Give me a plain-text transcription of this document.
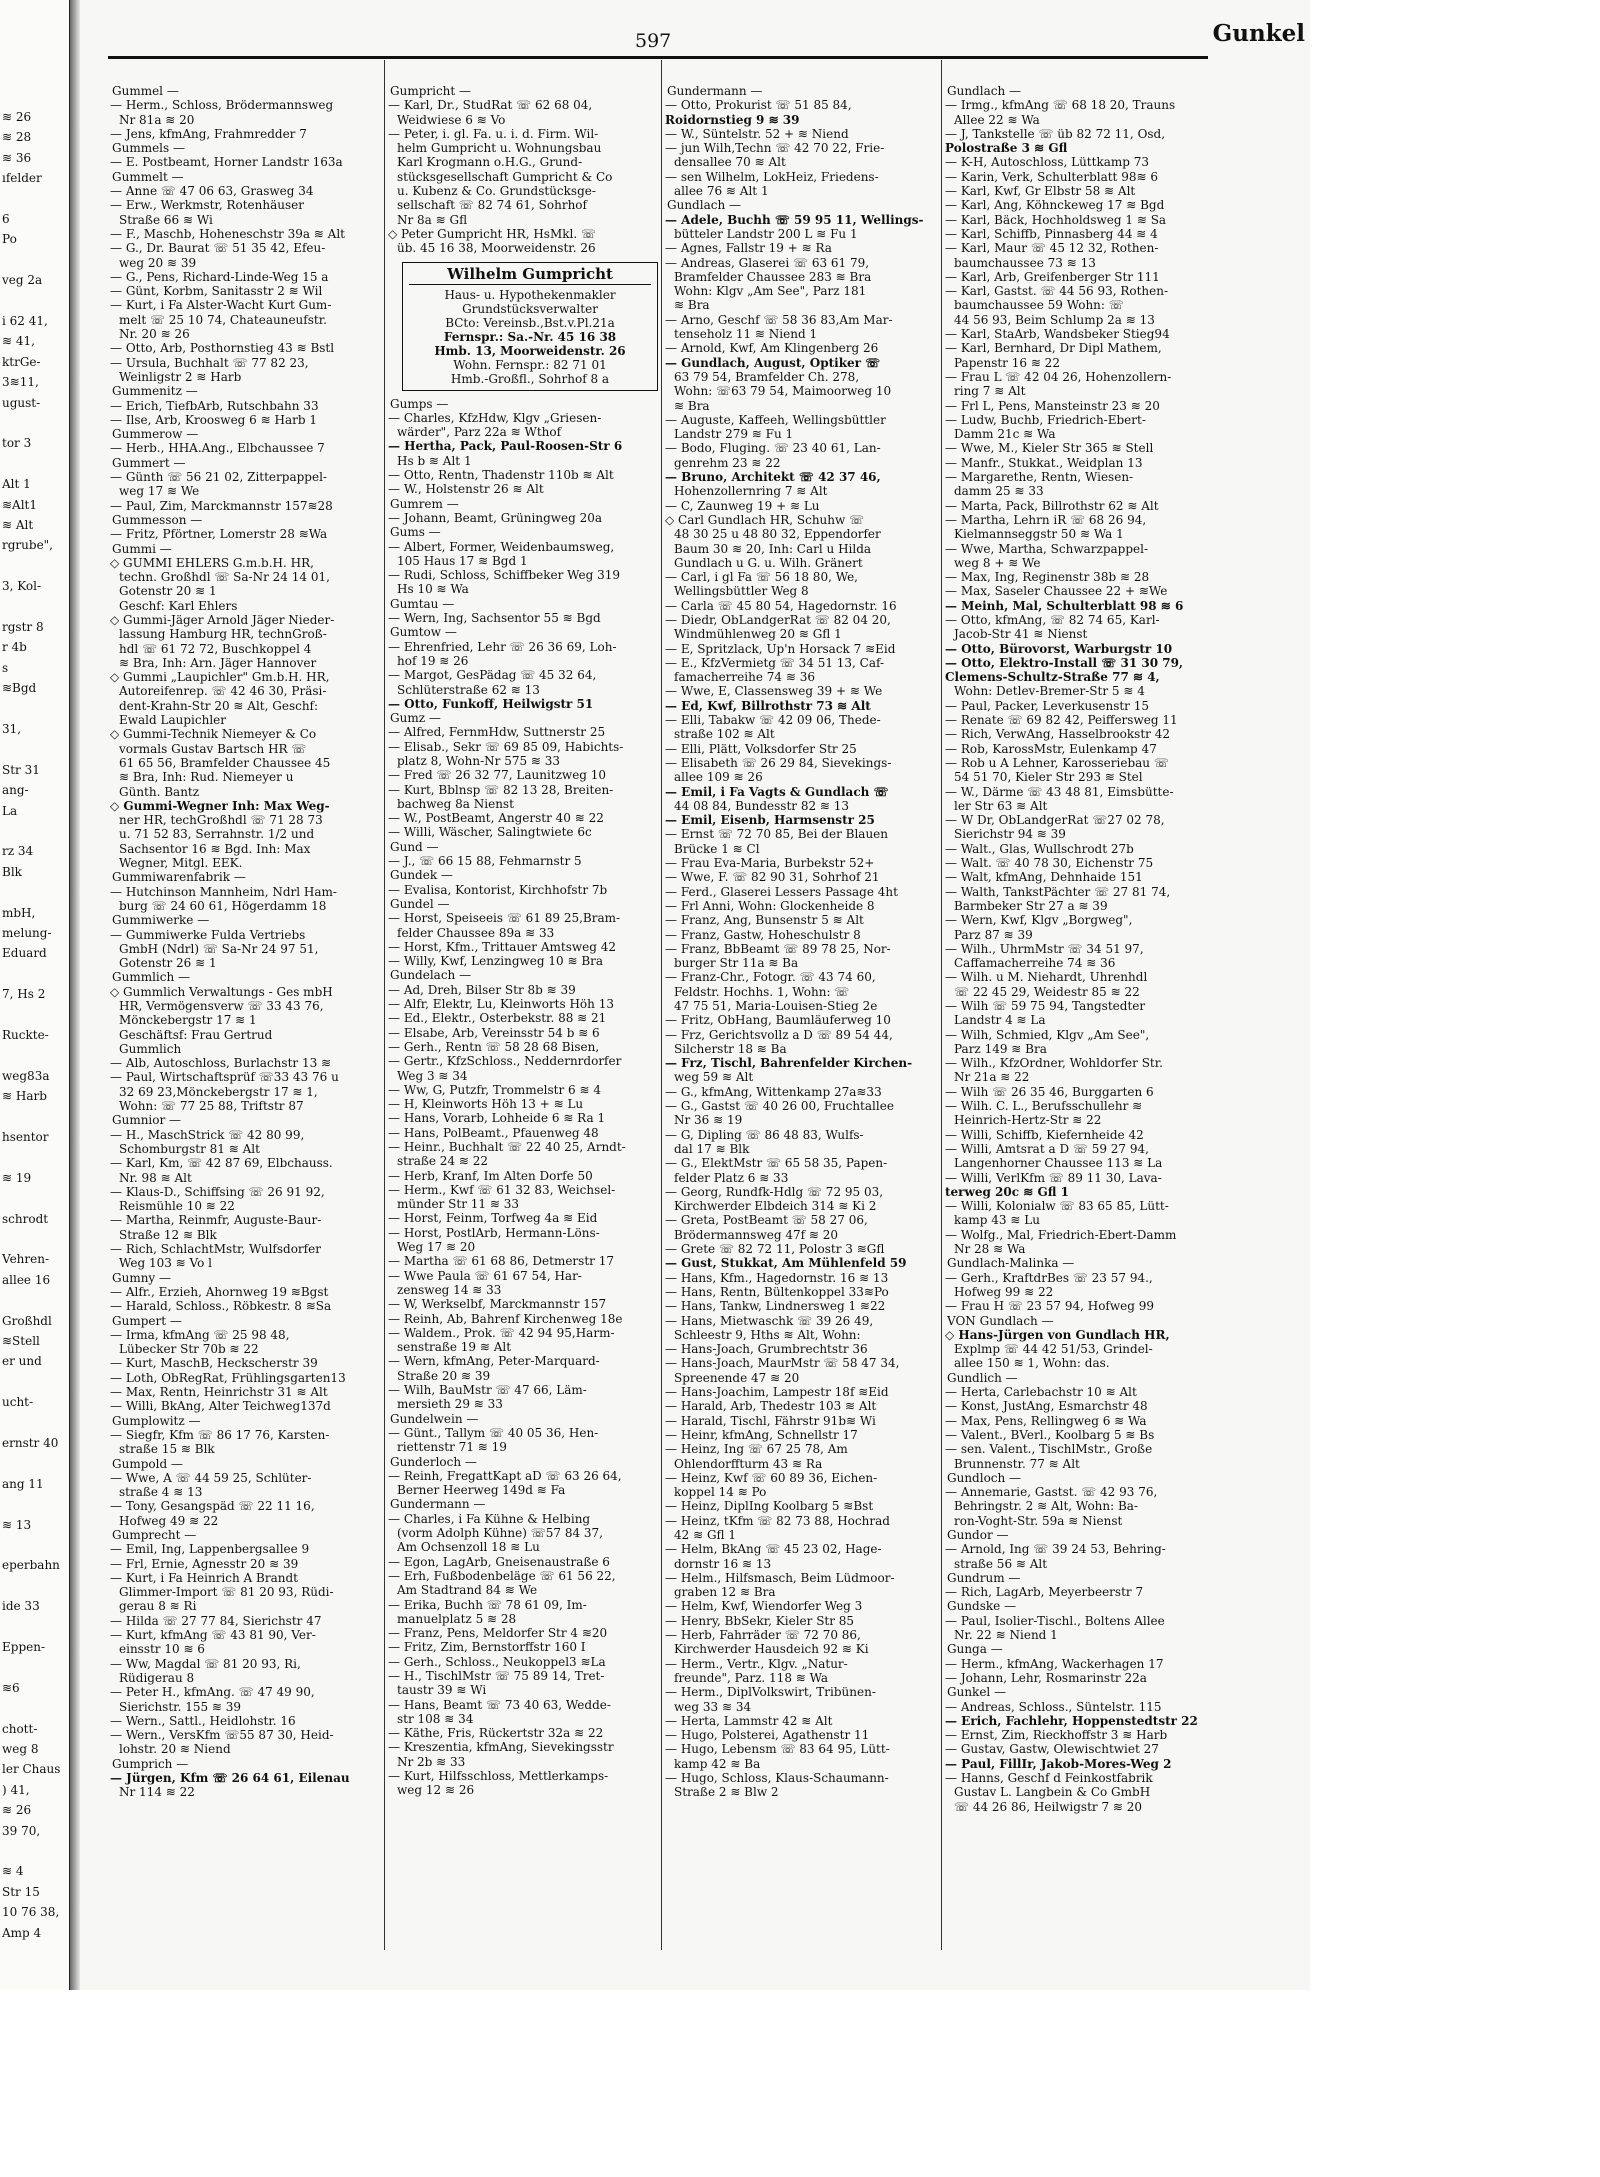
≋ 26
≋ 28
≋ 36
ıfelder
6
Po
veg 2a
i 62 41,
≋ 41,
ktrGe-
3≋11,
ugust-
tor 3
Alt 1
≋Alt1
≋ Alt
rgrube",
3, Kol-
rgstr 8
r 4b
s
≋Bgd
31,
Str 31
ang-
La
rz 34
Blk
mbH,
melung-
Eduard
7, Hs 2
Ruckte-
weg83a
≋ Harb
hsentor
≋ 19
schrodt
Vehren-
allee 16
Großhdl
≋Stell
er und
ucht-
ernstr 40
ang 11
≋ 13
eperbahn
ide 33
Eppen-
≋6
chott-
weg 8
ler Chaus
) 41,
≋ 26
39 70,
≋ 4
Str 15
10 76 38,
Amp 4
597	Gunkel
Gummel —
— Herm., Schloss, Brödermannsweg
Nr 81a ≋ 20
— Jens, kfmAng, Frahmredder 7
Gummels —
— E. Postbeamt, Horner Landstr 163a
Gummelt —
— Anne ☏ 47 06 63, Grasweg 34
— Erw., Werkmstr, Rotenhäuser
Straße 66 ≋ Wi
— F., Maschb, Hoheneschstr 39a ≋ Alt
— G., Dr. Baurat ☏ 51 35 42, Efeu-
weg 20 ≋ 39
— G., Pens, Richard-Linde-Weg 15 a
— Günt, Korbm, Sanitasstr 2 ≋ Wil
— Kurt, i Fa Alster-Wacht Kurt Gum-
melt ☏ 25 10 74, Chateauneufstr.
Nr. 20 ≋ 26
— Otto, Arb, Posthornstieg 43 ≋ Bstl
— Ursula, Buchhalt ☏ 77 82 23,
Weinligstr 2 ≋ Harb
Gummenitz —
— Erich, TiefbArb, Rutschbahn 33
— Ilse, Arb, Kroosweg 6 ≋ Harb 1
Gummerow —
— Herb., HHA.Ang., Elbchaussee 7
Gummert —
— Günth ☏ 56 21 02, Zitterpappel-
weg 17 ≋ We
— Paul, Zim, Marckmannstr 157≋28
Gummesson —
— Fritz, Pförtner, Lomerstr 28 ≋Wa
Gummi —
◇ GUMMI EHLERS G.m.b.H. HR,
techn. Großhdl ☏ Sa-Nr 24 14 01,
Gotenstr 20 ≋ 1
Geschf: Karl Ehlers
◇ Gummi-Jäger Arnold Jäger Nieder-
lassung Hamburg HR, technGroß-
hdl ☏ 61 72 72, Buschkoppel 4
≋ Bra, Inh: Arn. Jäger Hannover
◇ Gummi „Laupichler" Gm.b.H. HR,
Autoreifenrep. ☏ 42 46 30, Präsi-
dent-Krahn-Str 20 ≋ Alt, Geschf:
Ewald Laupichler
◇ Gummi-Technik Niemeyer & Co
vormals Gustav Bartsch HR ☏
61 65 56, Bramfelder Chaussee 45
≋ Bra, Inh: Rud. Niemeyer u
Günth. Bantz
◇ Gummi-Wegner Inh: Max Weg-
ner HR, techGroßhdl ☏ 71 28 73
u. 71 52 83, Serrahnstr. 1/2 und
Sachsentor 16 ≋ Bgd. Inh: Max
Wegner, Mitgl. EEK.
Gummiwarenfabrik —
— Hutchinson Mannheim, Ndrl Ham-
burg ☏ 24 60 61, Högerdamm 18
Gummiwerke —
— Gummiwerke Fulda Vertriebs
GmbH (Ndrl) ☏ Sa-Nr 24 97 51,
Gotenstr 26 ≋ 1
Gummlich —
◇ Gummlich Verwaltungs - Ges mbH
HR, Vermögensverw ☏ 33 43 76,
Mönckebergstr 17 ≋ 1
Geschäftsf: Frau Gertrud
Gummlich
— Alb, Autoschloss, Burlachstr 13 ≋
— Paul, Wirtschaftsprüf ☏33 43 76 u
32 69 23,Mönckebergstr 17 ≋ 1,
Wohn: ☏ 77 25 88, Triftstr 87
Gumnior —
— H., MaschStrick ☏ 42 80 99,
Schomburgstr 81 ≋ Alt
— Karl, Km, ☏ 42 87 69, Elbchauss.
Nr. 98 ≋ Alt
— Klaus-D., Schiffsing ☏ 26 91 92,
Reismühle 10 ≋ 22
— Martha, Reinmfr, Auguste-Baur-
Straße 12 ≋ Blk
— Rich, SchlachtMstr, Wulfsdorfer
Weg 103 ≋ Vo l
Gumny —
— Alfr., Erzieh, Ahornweg 19 ≋Bgst
— Harald, Schloss., Röbkestr. 8 ≋Sa
Gumpert —
— Irma, kfmAng ☏ 25 98 48,
Lübecker Str 70b ≋ 22
— Kurt, MaschB, Heckscherstr 39
— Loth, ObRegRat, Frühlingsgarten13
— Max, Rentn, Heinrichstr 31 ≋ Alt
— Willi, BkAng, Alter Teichweg137d
Gumplowitz —
— Siegfr, Kfm ☏ 86 17 76, Karsten-
straße 15 ≋ Blk
Gumpold —
— Wwe, A ☏ 44 59 25, Schlüter-
straße 4 ≋ 13
— Tony, Gesangspäd ☏ 22 11 16,
Hofweg 49 ≋ 22
Gumprecht —
— Emil, Ing, Lappenbergsallee 9
— Frl, Ernie, Agnesstr 20 ≋ 39
— Kurt, i Fa Heinrich A Brandt
Glimmer-Import ☏ 81 20 93, Rüdi-
gerau 8 ≋ Ri
— Hilda ☏ 27 77 84, Sierichstr 47
— Kurt, kfmAng ☏ 43 81 90, Ver-
einsstr 10 ≋ 6
— Ww, Magdal ☏ 81 20 93, Ri,
Rüdigerau 8
— Peter H., kfmAng. ☏ 47 49 90,
Sierichstr. 155 ≋ 39
— Wern., Sattl., Heidlohstr. 16
— Wern., VersKfm ☏55 87 30, Heid-
lohstr. 20 ≋ Niend
Gumprich —
— Jürgen, Kfm ☏ 26 64 61, Eilenau
Nr 114 ≋ 22
Gumpricht —
— Karl, Dr., StudRat ☏ 62 68 04,
Weidwiese 6 ≋ Vo
— Peter, i. gl. Fa. u. i. d. Firm. Wil-
helm Gumpricht u. Wohnungsbau
Karl Krogmann o.H.G., Grund-
stücksgesellschaft Gumpricht & Co
u. Kubenz & Co. Grundstücksge-
sellschaft ☏ 82 74 61, Sohrhof
Nr 8a ≋ Gfl
◇ Peter Gumpricht HR, HsMkl. ☏
üb. 45 16 38, Moorweidenstr. 26
Wilhelm Gumpricht
Haus- u. Hypothekenmakler
Grundstücksverwalter
BCto: Vereinsb.,Bst.v.Pl.21a
Fernspr.: Sa.-Nr. 45 16 38
Hmb. 13, Moorweidenstr. 26
Wohn. Fernspr.: 82 71 01
Hmb.-Großfl., Sohrhof 8 a
Gumps —
— Charles, KfzHdw, Klgv „Griesen-
wärder", Parz 22a ≋ Wthof
— Hertha, Pack, Paul-Roosen-Str 6
Hs b ≋ Alt 1
— Otto, Rentn, Thadenstr 110b ≋ Alt
— W., Holstenstr 26 ≋ Alt
Gumrem —
— Johann, Beamt, Grüningweg 20a
Gums —
— Albert, Former, Weidenbaumsweg,
105 Haus 17 ≋ Bgd 1
— Rudi, Schloss, Schiffbeker Weg 319
Hs 10 ≋ Wa
Gumtau —
— Wern, Ing, Sachsentor 55 ≋ Bgd
Gumtow —
— Ehrenfried, Lehr ☏ 26 36 69, Loh-
hof 19 ≋ 26
— Margot, GesPädag ☏ 45 32 64,
Schlüterstraße 62 ≋ 13
— Otto, Funkoff, Heilwigstr 51
Gumz —
— Alfred, FernmHdw, Suttnerstr 25
— Elisab., Sekr ☏ 69 85 09, Habichts-
platz 8, Wohn-Nr 575 ≋ 33
— Fred ☏ 26 32 77, Launitzweg 10
— Kurt, Bblnsp ☏ 82 13 28, Breiten-
bachweg 8a Nienst
— W., PostBeamt, Angerstr 40 ≋ 22
— Willi, Wäscher, Salingtwiete 6c
Gund —
— J., ☏ 66 15 88, Fehmarnstr 5
Gundek —
— Evalisa, Kontorist, Kirchhofstr 7b
Gundel —
— Horst, Speiseeis ☏ 61 89 25,Bram-
felder Chaussee 89a ≋ 33
— Horst, Kfm., Trittauer Amtsweg 42
— Willy, Kwf, Lenzingweg 10 ≋ Bra
Gundelach —
— Ad, Dreh, Bilser Str 8b ≋ 39
— Alfr, Elektr, Lu, Kleinworts Höh 13
— Ed., Elektr., Osterbekstr. 88 ≋ 21
— Elsabe, Arb, Vereinsstr 54 b ≋ 6
— Gerh., Rentn ☏ 58 28 68 Bisen,
— Gertr., KfzSchloss., Neddernrdorfer
Weg 3 ≋ 34
— Ww, G, Putzfr, Trommelstr 6 ≋ 4
— H, Kleinworts Höh 13 + ≋ Lu
— Hans, Vorarb, Lohheide 6 ≋ Ra 1
— Hans, PolBeamt., Pfauenweg 48
— Heinr., Buchhalt ☏ 22 40 25, Arndt-
straße 24 ≋ 22
— Herb, Kranf, Im Alten Dorfe 50
— Herm., Kwf ☏ 61 32 83, Weichsel-
münder Str 11 ≋ 33
— Horst, Feinm, Torfweg 4a ≋ Eid
— Horst, PostlArb, Hermann-Löns-
Weg 17 ≋ 20
— Martha ☏ 61 68 86, Detmerstr 17
— Wwe Paula ☏ 61 67 54, Har-
zensweg 14 ≋ 33
— W, Werkselbf, Marckmannstr 157
— Reinh, Ab, Bahrenf Kirchenweg 18e
— Waldem., Prok. ☏ 42 94 95,Harm-
senstraße 19 ≋ Alt
— Wern, kfmAng, Peter-Marquard-
Straße 20 ≋ 39
— Wilh, BauMstr ☏ 47 66, Läm-
mersieth 29 ≋ 33
Gundelwein —
— Günt., Tallym ☏ 40 05 36, Hen-
riettenstr 71 ≋ 19
Gunderloch —
— Reinh, FregattKapt aD ☏ 63 26 64,
Berner Heerweg 149d ≋ Fa
Gundermann —
— Charles, i Fa Kühne & Helbing
(vorm Adolph Kühne) ☏57 84 37,
Am Ochsenzoll 18 ≋ Lu
— Egon, LagArb, Gneisenaustraße 6
— Erh, Fußbodenbeläge ☏ 61 56 22,
Am Stadtrand 84 ≋ We
— Erika, Buchh ☏ 78 61 09, Im-
manuelplatz 5 ≋ 28
— Franz, Pens, Meldorfer Str 4 ≋20
— Fritz, Zim, Bernstorffstr 160 I
— Gerh., Schloss., Neukoppel3 ≋La
— H., TischlMstr ☏ 75 89 14, Tret-
taustr 39 ≋ Wi
— Hans, Beamt ☏ 73 40 63, Wedde-
str 108 ≋ 34
— Käthe, Fris, Rückertstr 32a ≋ 22
— Kreszentia, kfmAng, Sievekingsstr
Nr 2b ≋ 33
— Kurt, Hilfsschloss, Mettlerkamps-
weg 12 ≋ 26
Gundermann —
— Otto, Prokurist ☏ 51 85 84,
Roidornstieg 9 ≋ 39
— W., Süntelstr. 52 + ≋ Niend
— jun Wilh,Techn ☏ 42 70 22, Frie-
densallee 70 ≋ Alt
— sen Wilhelm, LokHeiz, Friedens-
allee 76 ≋ Alt 1
Gundlach —
— Adele, Buchh ☏ 59 95 11, Wellings-
bütteler Landstr 200 L ≋ Fu 1
— Agnes, Fallstr 19 + ≋ Ra
— Andreas, Glaserei ☏ 63 61 79,
Bramfelder Chaussee 283 ≋ Bra
Wohn: Klgv „Am See", Parz 181
≋ Bra
— Arno, Geschf ☏ 58 36 83,Am Mar-
tenseholz 11 ≋ Niend 1
— Arnold, Kwf, Am Klingenberg 26
— Gundlach, August, Optiker ☏
63 79 54, Bramfelder Ch. 278,
Wohn: ☏63 79 54, Maimoorweg 10
≋ Bra
— Auguste, Kaffeeh, Wellingsbüttler
Landstr 279 ≋ Fu 1
— Bodo, Fluging. ☏ 23 40 61, Lan-
genrehm 23 ≋ 22
— Bruno, Architekt ☏ 42 37 46,
Hohenzollernring 7 ≋ Alt
— C, Zaunweg 19 + ≋ Lu
◇ Carl Gundlach HR, Schuhw ☏
48 30 25 u 48 80 32, Eppendorfer
Baum 30 ≋ 20, Inh: Carl u Hilda
Gundlach u G. u. Wilh. Gränert
— Carl, i gl Fa ☏ 56 18 80, We,
Wellingsbüttler Weg 8
— Carla ☏ 45 80 54, Hagedornstr. 16
— Diedr, ObLandgerRat ☏ 82 04 20,
Windmühlenweg 20 ≋ Gfl 1
— E, Spritzlack, Up'n Horsack 7 ≋Eid
— E., KfzVermietg ☏ 34 51 13, Caf-
famacherreihe 74 ≋ 36
— Wwe, E, Classensweg 39 + ≋ We
— Ed, Kwf, Billrothstr 73 ≋ Alt
— Elli, Tabakw ☏ 42 09 06, Thede-
straße 102 ≋ Alt
— Elli, Plätt, Volksdorfer Str 25
— Elisabeth ☏ 26 29 84, Sievekings-
allee 109 ≋ 26
— Emil, i Fa Vagts & Gundlach ☏
44 08 84, Bundesstr 82 ≋ 13
— Emil, Eisenb, Harmsenstr 25
— Ernst ☏ 72 70 85, Bei der Blauen
Brücke 1 ≋ Cl
— Frau Eva-Maria, Burbekstr 52+
— Wwe, F. ☏ 82 90 31, Sohrhof 21
— Ferd., Glaserei Lessers Passage 4ht
— Frl Anni, Wohn: Glockenheide 8
— Franz, Ang, Bunsenstr 5 ≋ Alt
— Franz, Gastw, Hoheschulstr 8
— Franz, BbBeamt ☏ 89 78 25, Nor-
burger Str 11a ≋ Ba
— Franz-Chr., Fotogr. ☏ 43 74 60,
Feldstr. Hochhs. 1, Wohn: ☏
47 75 51, Maria-Louisen-Stieg 2e
— Fritz, ObHang, Baumläuferweg 10
— Frz, Gerichtsvollz a D ☏ 89 54 44,
Silcherstr 18 ≋ Ba
— Frz, Tischl, Bahrenfelder Kirchen-
weg 59 ≋ Alt
— G., kfmAng, Wittenkamp 27a≋33
— G., Gastst ☏ 40 26 00, Fruchtallee
Nr 36 ≋ 19
— G, Dipling ☏ 86 48 83, Wulfs-
dal 17 ≋ Blk
— G., ElektMstr ☏ 65 58 35, Papen-
felder Platz 6 ≋ 33
— Georg, Rundfk-Hdlg ☏ 72 95 03,
Kirchwerder Elbdeich 314 ≋ Ki 2
— Greta, PostBeamt ☏ 58 27 06,
Brödermannsweg 47f ≋ 20
— Grete ☏ 82 72 11, Polostr 3 ≋Gfl
— Gust, Stukkat, Am Mühlenfeld 59
— Hans, Kfm., Hagedornstr. 16 ≋ 13
— Hans, Rentn, Bültenkoppel 33≋Po
— Hans, Tankw, Lindnersweg 1 ≋22
— Hans, Mietwaschk ☏ 39 26 49,
Schleestr 9, Hths ≋ Alt, Wohn:
— Hans-Joach, Grumbrechtstr 36
— Hans-Joach, MaurMstr ☏ 58 47 34,
Spreenende 47 ≋ 20
— Hans-Joachim, Lampestr 18f ≋Eid
— Harald, Arb, Thedestr 103 ≋ Alt
— Harald, Tischl, Fährstr 91b≋ Wi
— Heinr, kfmAng, Schnellstr 17
— Heinz, Ing ☏ 67 25 78, Am
Ohlendorffturm 43 ≋ Ra
— Heinz, Kwf ☏ 60 89 36, Eichen-
koppel 14 ≋ Po
— Heinz, DiplIng Koolbarg 5 ≋Bst
— Heinz, tKfm ☏ 82 73 88, Hochrad
42 ≋ Gfl 1
— Helm, BkAng ☏ 45 23 02, Hage-
dornstr 16 ≋ 13
— Helm., Hilfsmasch, Beim Lüdmoor-
graben 12 ≋ Bra
— Helm, Kwf, Wiendorfer Weg 3
— Henry, BbSekr, Kieler Str 85
— Herb, Fahrräder ☏ 72 70 86,
Kirchwerder Hausdeich 92 ≋ Ki
— Herm., Vertr., Klgv. „Natur-
freunde", Parz. 118 ≋ Wa
— Herm., DiplVolkswirt, Tribünen-
weg 33 ≋ 34
— Herta, Lammstr 42 ≋ Alt
— Hugo, Polsterei, Agathenstr 11
— Hugo, Lebensm ☏ 83 64 95, Lütt-
kamp 42 ≋ Ba
— Hugo, Schloss, Klaus-Schaumann-
Straße 2 ≋ Blw 2
Gundlach —
— Irmg., kfmAng ☏ 68 18 20, Trauns
Allee 22 ≋ Wa
— J, Tankstelle ☏ üb 82 72 11, Osd,
Polostraße 3 ≋ Gfl
— K-H, Autoschloss, Lüttkamp 73
— Karin, Verk, Schulterblatt 98≋ 6
— Karl, Kwf, Gr Elbstr 58 ≋ Alt
— Karl, Ang, Köhnckeweg 17 ≋ Bgd
— Karl, Bäck, Hochholdsweg 1 ≋ Sa
— Karl, Schiffb, Pinnasberg 44 ≋ 4
— Karl, Maur ☏ 45 12 32, Rothen-
baumchaussee 73 ≋ 13
— Karl, Arb, Greifenberger Str 111
— Karl, Gastst. ☏ 44 56 93, Rothen-
baumchaussee 59 Wohn: ☏
44 56 93, Beim Schlump 2a ≋ 13
— Karl, StaArb, Wandsbeker Stieg94
— Karl, Bernhard, Dr Dipl Mathem,
Papenstr 16 ≋ 22
— Frau L ☏ 42 04 26, Hohenzollern-
ring 7 ≋ Alt
— Frl L, Pens, Mansteinstr 23 ≋ 20
— Ludw, Buchb, Friedrich-Ebert-
Damm 21c ≋ Wa
— Wwe, M., Kieler Str 365 ≋ Stell
— Manfr., Stukkat., Weidplan 13
— Margarethe, Rentn, Wiesen-
damm 25 ≋ 33
— Marta, Pack, Billrothstr 62 ≋ Alt
— Martha, Lehrn iR ☏ 68 26 94,
Kielmannseggstr 50 ≋ Wa 1
— Wwe, Martha, Schwarzpappel-
weg 8 + ≋ We
— Max, Ing, Reginenstr 38b ≋ 28
— Max, Saseler Chaussee 22 + ≋We
— Meinh, Mal, Schulterblatt 98 ≋ 6
— Otto, kfmAng, ☏ 82 74 65, Karl-
Jacob-Str 41 ≋ Nienst
— Otto, Bürovorst, Warburgstr 10
— Otto, Elektro-Install ☏ 31 30 79,
Clemens-Schultz-Straße 77 ≋ 4,
Wohn: Detlev-Bremer-Str 5 ≋ 4
— Paul, Packer, Leverkusenstr 15
— Renate ☏ 69 82 42, Peiffersweg 11
— Rich, VerwAng, Hasselbrookstr 42
— Rob, KarossMstr, Eulenkamp 47
— Rob u A Lehner, Karosseriebau ☏
54 51 70, Kieler Str 293 ≋ Stel
— W., Därme ☏ 43 48 81, Eimsbütte-
ler Str 63 ≋ Alt
— W Dr, ObLandgerRat ☏27 02 78,
Sierichstr 94 ≋ 39
— Walt., Glas, Wullschrodt 27b
— Walt. ☏ 40 78 30, Eichenstr 75
— Walt, kfmAng, Dehnhaide 151
— Walth, TankstPächter ☏ 27 81 74,
Barmbeker Str 27 a ≋ 39
— Wern, Kwf, Klgv „Borgweg",
Parz 87 ≋ 39
— Wilh., UhrmMstr ☏ 34 51 97,
Caffamacherreihe 74 ≋ 36
— Wilh. u M. Niehardt, Uhrenhdl
☏ 22 45 29, Weidestr 85 ≋ 22
— Wilh ☏ 59 75 94, Tangstedter
Landstr 4 ≋ La
— Wilh, Schmied, Klgv „Am See",
Parz 149 ≋ Bra
— Wilh., KfzOrdner, Wohldorfer Str.
Nr 21a ≋ 22
— Wilh ☏ 26 35 46, Burggarten 6
— Wilh. C. L., Berufsschullehr ≋
Heinrich-Hertz-Str ≋ 22
— Willi, Schiffb, Kiefernheide 42
— Willi, Amtsrat a D ☏ 59 27 94,
Langenhorner Chaussee 113 ≋ La
— Willi, VerlKfm ☏ 89 11 30, Lava-
terweg 20c ≋ Gfl 1
— Willi, Kolonialw ☏ 83 65 85, Lütt-
kamp 43 ≋ Lu
— Wolfg., Mal, Friedrich-Ebert-Damm
Nr 28 ≋ Wa
Gundlach-Malinka —
— Gerh., KraftdrBes ☏ 23 57 94.,
Hofweg 99 ≋ 22
— Frau H ☏ 23 57 94, Hofweg 99
VON Gundlach —
◇ Hans-Jürgen von Gundlach HR,
Explmp ☏ 44 42 51/53, Grindel-
allee 150 ≋ 1, Wohn: das.
Gundlich —
— Herta, Carlebachstr 10 ≋ Alt
— Konst, JustAng, Esmarchstr 48
— Max, Pens, Rellingweg 6 ≋ Wa
— Valent., BVerl., Koolbarg 5 ≋ Bs
— sen. Valent., TischlMstr., Große
Brunnenstr. 77 ≋ Alt
Gundloch —
— Annemarie, Gastst. ☏ 42 93 76,
Behringstr. 2 ≋ Alt, Wohn: Ba-
ron-Voght-Str. 59a ≋ Nienst
Gundor —
— Arnold, Ing ☏ 39 24 53, Behring-
straße 56 ≋ Alt
Gundrum —
— Rich, LagArb, Meyerbeerstr 7
Gundske —
— Paul, Isolier-Tischl., Boltens Allee
Nr. 22 ≋ Niend 1
Gunga —
— Herm., kfmAng, Wackerhagen 17
— Johann, Lehr, Rosmarinstr 22a
Gunkel —
— Andreas, Schloss., Süntelstr. 115
— Erich, Fachlehr, Hoppenstedtstr 22
— Ernst, Zim, Rieckhoffstr 3 ≋ Harb
— Gustav, Gastw, Olewischtwiet 27
— Paul, FillIr, Jakob-Mores-Weg 2
— Hanns, Geschf d Feinkostfabrik
Gustav L. Langbein & Co GmbH
☏ 44 26 86, Heilwigstr 7 ≋ 20
